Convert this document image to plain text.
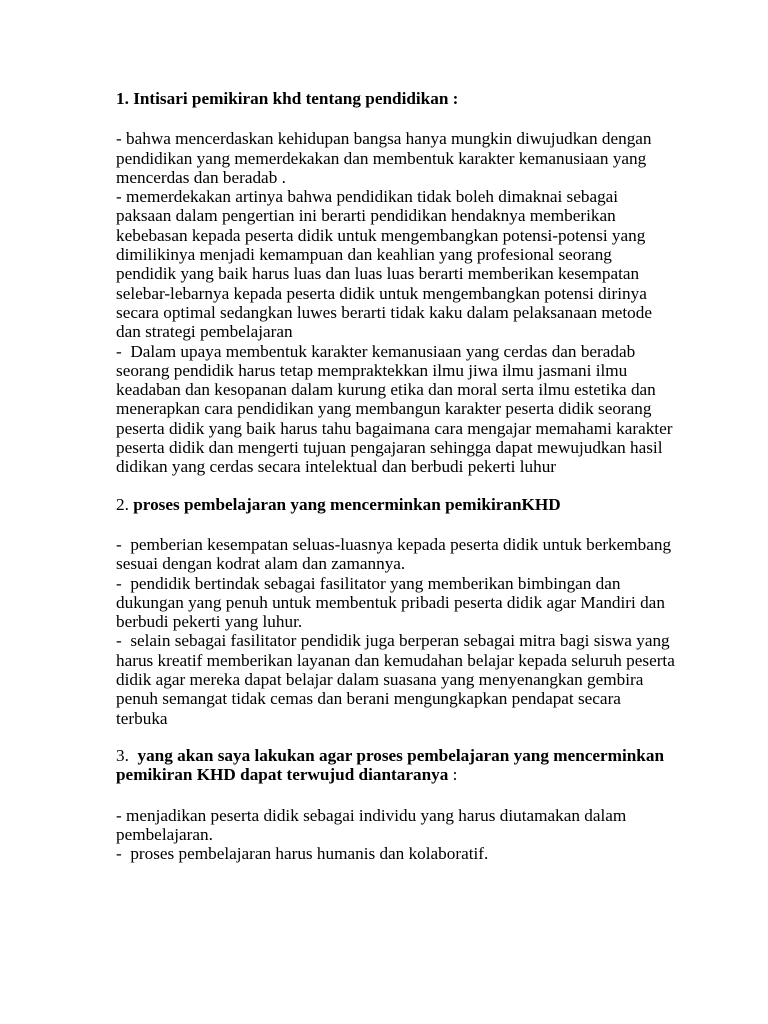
1. Intisari pemikiran khd tentang pendidikan :

- bahwa mencerdaskan kehidupan bangsa hanya mungkin diwujudkan dengan pendidikan yang memerdekakan dan membentuk karakter kemanusiaan yang mencerdas dan beradab .

- memerdekakan artinya bahwa pendidikan tidak boleh dimaknai sebagai paksaan dalam pengertian ini berarti pendidikan hendaknya memberikan kebebasan kepada peserta didik untuk mengembangkan potensi-potensi yang dimilikinya menjadi kemampuan dan keahlian yang profesional seorang pendidik yang baik harus luas dan luas luas berarti memberikan kesempatan selebar-lebarnya kepada peserta didik untuk mengembangkan potensi dirinya secara optimal sedangkan luwes berarti tidak kaku dalam pelaksanaan metode dan strategi pembelajaran

-  Dalam upaya membentuk karakter kemanusiaan yang cerdas dan beradab seorang pendidik harus tetap mempraktekkan ilmu jiwa ilmu jasmani ilmu keadaban dan kesopanan dalam kurung etika dan moral serta ilmu estetika dan menerapkan cara pendidikan yang membangun karakter peserta didik seorang peserta didik yang baik harus tahu bagaimana cara mengajar memahami karakter peserta didik dan mengerti tujuan pengajaran sehingga dapat mewujudkan hasil didikan yang cerdas secara intelektual dan berbudi pekerti luhur

2. proses pembelajaran yang mencerminkan pemikiranKHD

-  pemberian kesempatan seluas-luasnya kepada peserta didik untuk berkembang sesuai dengan kodrat alam dan zamannya.

-  pendidik bertindak sebagai fasilitator yang memberikan bimbingan dan dukungan yang penuh untuk membentuk pribadi peserta didik agar Mandiri dan berbudi pekerti yang luhur.

-  selain sebagai fasilitator pendidik juga berperan sebagai mitra bagi siswa yang harus kreatif memberikan layanan dan kemudahan belajar kepada seluruh peserta didik agar mereka dapat belajar dalam suasana yang menyenangkan gembira penuh semangat tidak cemas dan berani mengungkapkan pendapat secara terbuka

3.  yang akan saya lakukan agar proses pembelajaran yang mencerminkan pemikiran KHD dapat terwujud diantaranya :

- menjadikan peserta didik sebagai individu yang harus diutamakan dalam pembelajaran.

-  proses pembelajaran harus humanis dan kolaboratif.
